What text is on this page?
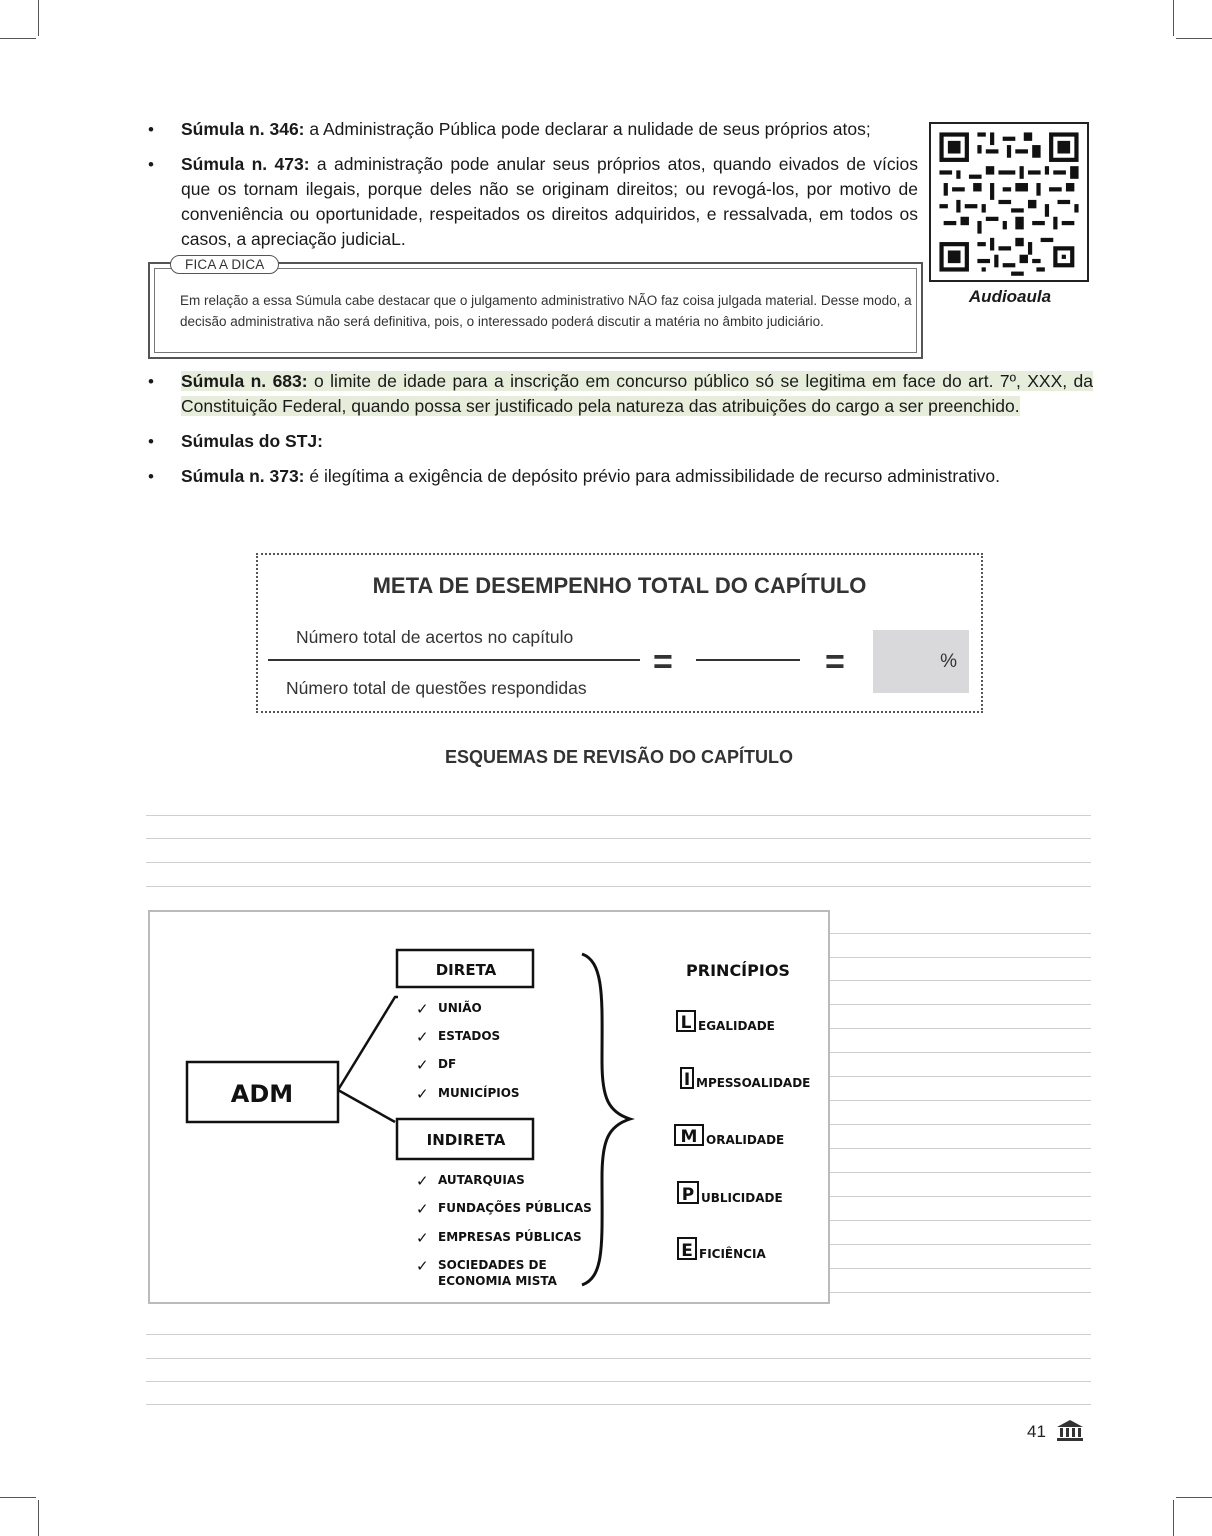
• Súmula n. 346: a Administração Pública pode declarar a nulidade de seus próprios atos;
• Súmula n. 473: a administração pode anular seus próprios atos, quando eivados de vícios que os tornam ilegais, porque deles não se originam direitos; ou revogá-los, por motivo de conveniência ou oportunidade, respeitados os direitos adquiridos, e ressalvada, em todos os casos, a apreciação judiciaL.
Audioaula
FICA A DICA
Em relação a essa Súmula cabe destacar que o julgamento administrativo NÃO faz coisa julgada material. Desse modo, a decisão administrativa não será definitiva, pois, o interessado poderá discutir a matéria no âmbito judiciário.
• Súmula n. 683: o limite de idade para a inscrição em concurso público só se legitima em face do art. 7º, XXX, da Constituição Federal, quando possa ser justificado pela natureza das atribuições do cargo a ser preenchido.
• Súmulas do STJ:
• Súmula n. 373: é ilegítima a exigência de depósito prévio para admissibilidade de recurso administrativo.
META DE DESEMPENHO TOTAL DO CAPÍTULO
Número total de acertos no capítulo
Número total de questões respondidas
=	=	%
ESQUEMAS DE REVISÃO DO CAPÍTULO
ADM
DIRETA
✓ UNIÃO
✓ ESTADOS
✓ DF
✓ MUNICÍPIOS
INDIRETA
✓ AUTARQUIAS
✓ FUNDAÇÕES PÚBLICAS
✓ EMPRESAS PÚBLICAS
✓ SOCIEDADES DE
ECONOMIA MISTA
PRINCÍPIOS
L EGALIDADE
I MPESSOALIDADE
M ORALIDADE
P UBLICIDADE
E FICIÊNCIA
41
